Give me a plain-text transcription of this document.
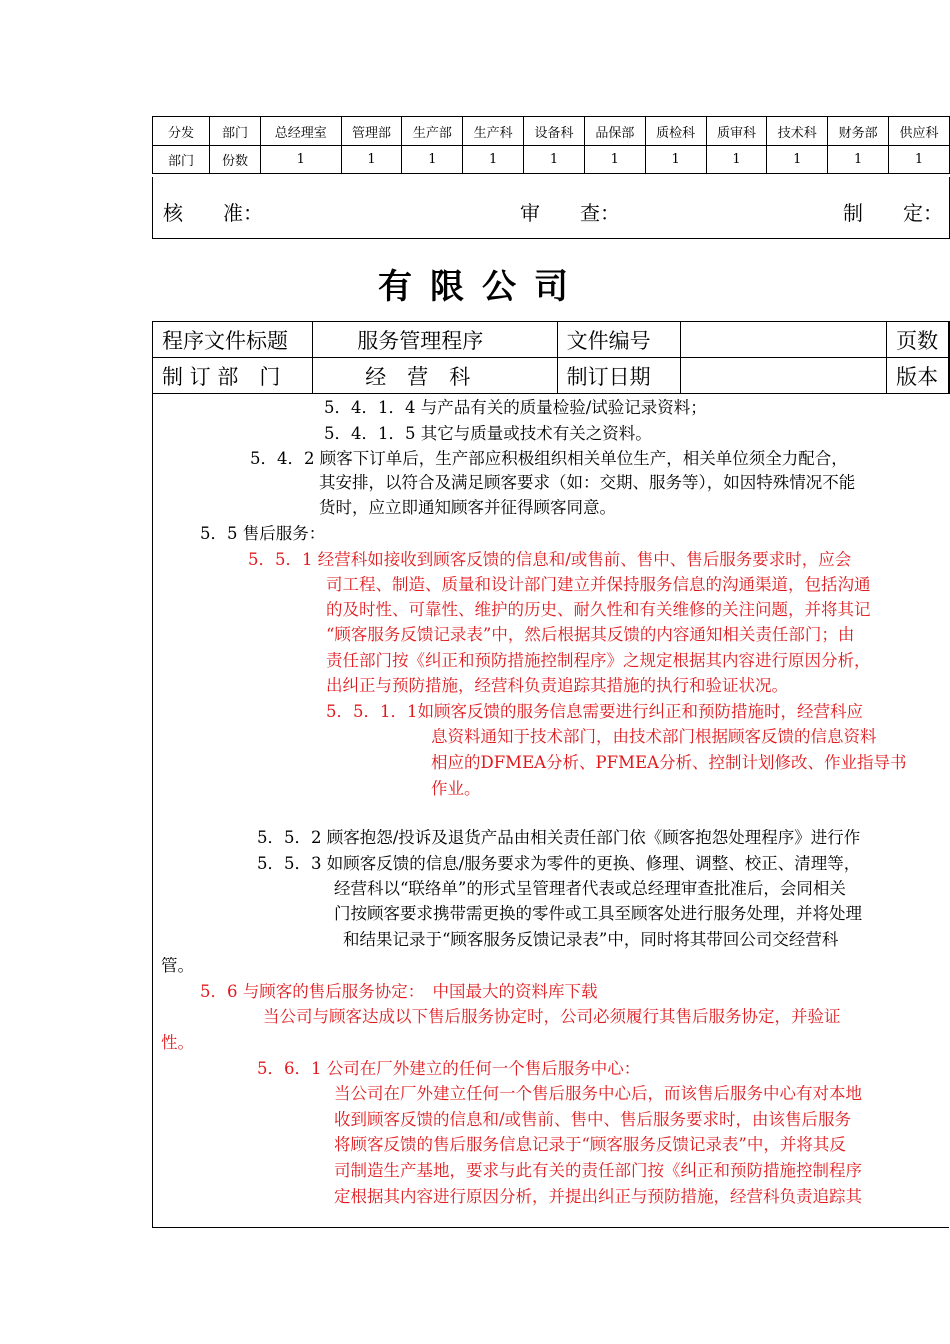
分发	部门	总经理室	管理部	生产部	生产科	设备科	品保部	质检科	质审科	技术科	财务部	供应科
部门	份数	1	1	1	1	1	1	1	1	1	1	1
核　　准：	审　　查：	制　　定：
有限公司
程序文件标题	服务管理程序	文件编号		页数	
制 订 部　门	经　营　科	制订日期		版本	
5．4．1．4 与产品有关的质量检验/试验记录资料；
5．4．1．5 其它与质量或技术有关之资料。
5．4．2 顾客下订单后，生产部应积极组织相关单位生产，相关单位须全力配合，
其安排，以符合及满足顾客要求（如：交期、服务等），如因特殊情况不能
货时，应立即通知顾客并征得顾客同意。
5．5 售后服务：
5．5．1 经营科如接收到顾客反馈的信息和/或售前、售中、售后服务要求时，应会
司工程、制造、质量和设计部门建立并保持服务信息的沟通渠道，包括沟通
的及时性、可靠性、维护的历史、耐久性和有关维修的关注问题，并将其记
“顾客服务反馈记录表”中，然后根据其反馈的内容通知相关责任部门；由
责任部门按《纠正和预防措施控制程序》之规定根据其内容进行原因分析，
出纠正与预防措施，经营科负责追踪其措施的执行和验证状况。
5．5．1．1如顾客反馈的服务信息需要进行纠正和预防措施时，经营科应
息资料通知于技术部门，由技术部门根据顾客反馈的信息资料
相应的DFMEA分析、PFMEA分析、控制计划修改、作业指导书
作业。
5．5．2 顾客抱怨/投诉及退货产品由相关责任部门依《顾客抱怨处理程序》进行作
5．5．3 如顾客反馈的信息/服务要求为零件的更换、修理、调整、校正、清理等，
经营科以“联络单”的形式呈管理者代表或总经理审查批准后，会同相关
门按顾客要求携带需更换的零件或工具至顾客处进行服务处理，并将处理
和结果记录于“顾客服务反馈记录表”中，同时将其带回公司交经营科
管。
5．6 与顾客的售后服务协定：　中国最大的资料库下载
当公司与顾客达成以下售后服务协定时，公司必须履行其售后服务协定，并验证
性。
5．6．1 公司在厂外建立的任何一个售后服务中心：
当公司在厂外建立任何一个售后服务中心后，而该售后服务中心有对本地
收到顾客反馈的信息和/或售前、售中、售后服务要求时，由该售后服务
将顾客反馈的售后服务信息记录于“顾客服务反馈记录表”中，并将其反
司制造生产基地，要求与此有关的责任部门按《纠正和预防措施控制程序
定根据其内容进行原因分析，并提出纠正与预防措施，经营科负责追踪其
